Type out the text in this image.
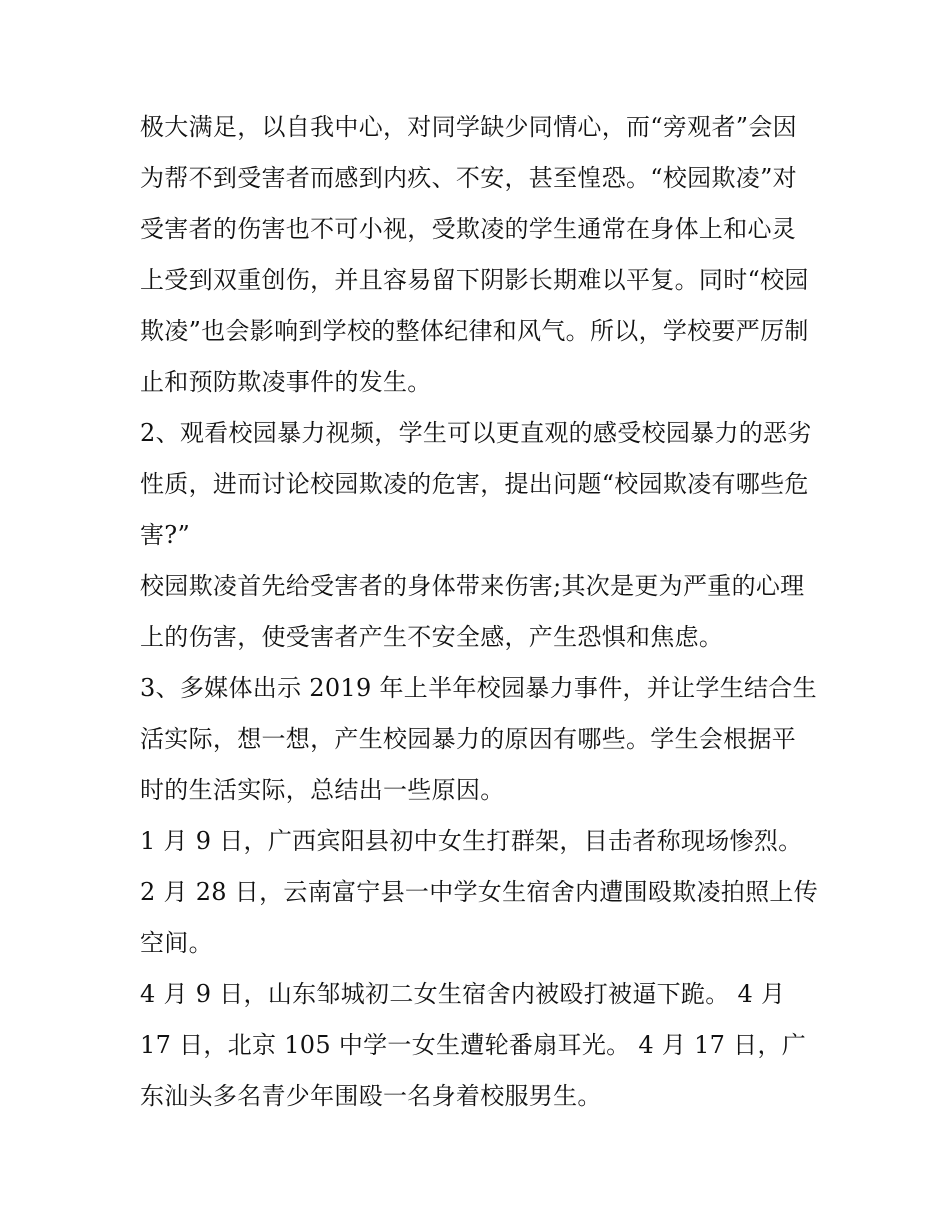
极大满足，以自我中心，对同学缺少同情心，而“旁观者”会因为帮不到受害者而感到内疚、不安，甚至惶恐。“校园欺凌”对受害者的伤害也不可小视，受欺凌的学生通常在身体上和心灵上受到双重创伤，并且容易留下阴影长期难以平复。同时“校园欺凌”也会影响到学校的整体纪律和风气。所以，学校要严厉制止和预防欺凌事件的发生。

2、观看校园暴力视频，学生可以更直观的感受校园暴力的恶劣性质，进而讨论校园欺凌的危害，提出问题“校园欺凌有哪些危害?”

校园欺凌首先给受害者的身体带来伤害;其次是更为严重的心理上的伤害，使受害者产生不安全感，产生恐惧和焦虑。

3、多媒体出示 2019 年上半年校园暴力事件，并让学生结合生活实际，想一想，产生校园暴力的原因有哪些。学生会根据平时的生活实际，总结出一些原因。

1 月 9 日，广西宾阳县初中女生打群架，目击者称现场惨烈。

2 月 28 日，云南富宁县一中学女生宿舍内遭围殴欺凌拍照上传空间。

4 月 9 日，山东邹城初二女生宿舍内被殴打被逼下跪。 4 月 17 日，北京 105 中学一女生遭轮番扇耳光。 4 月 17 日，广东汕头多名青少年围殴一名身着校服男生。
